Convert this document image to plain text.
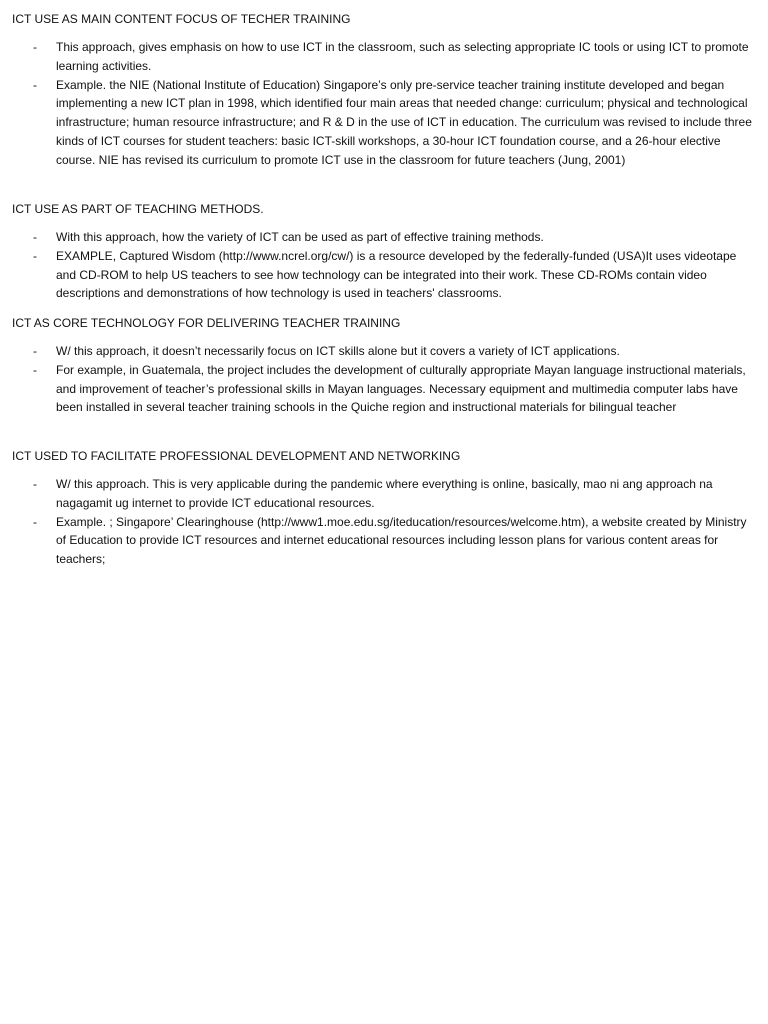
ICT USE AS MAIN CONTENT FOCUS OF TECHER TRAINING

- This approach, gives emphasis on how to use ICT in the classroom, such as selecting appropriate IC tools or using ICT to promote learning activities.
- Example. the NIE (National Institute of Education) Singapore’s only pre-service teacher training institute developed and began implementing a new ICT plan in 1998, which identified four main areas that needed change: curriculum; physical and technological infrastructure; human resource infrastructure; and R & D in the use of ICT in education. The curriculum was revised to include three kinds of ICT courses for student teachers: basic ICT-skill workshops, a 30-hour ICT foundation course, and a 26-hour elective course. NIE has revised its curriculum to promote ICT use in the classroom for future teachers (Jung, 2001)

ICT USE AS PART OF TEACHING METHODS.

- With this approach, how the variety of ICT can be used as part of effective training methods.
- EXAMPLE, Captured Wisdom (http://www.ncrel.org/cw/) is a resource developed by the federally-funded (USA)It uses videotape and CD-ROM to help US teachers to see how technology can be integrated into their work. These CD-ROMs contain video descriptions and demonstrations of how technology is used in teachers' classrooms.

ICT AS CORE TECHNOLOGY FOR DELIVERING TEACHER TRAINING

- W/ this approach, it doesn’t necessarily focus on ICT skills alone but it covers a variety of ICT applications.
- For example, in Guatemala, the project includes the development of culturally appropriate Mayan language instructional materials, and improvement of teacher’s professional skills in Mayan languages. Necessary equipment and multimedia computer labs have been installed in several teacher training schools in the Quiche region and instructional materials for bilingual teacher

ICT USED TO FACILITATE PROFESSIONAL DEVELOPMENT AND NETWORKING

- W/ this approach. This is very applicable during the pandemic where everything is online, basically, mao ni ang approach na nagagamit ug internet to provide ICT educational resources.
- Example. ; Singapore’ Clearinghouse (http://www1.moe.edu.sg/iteducation/resources/welcome.htm), a website created by Ministry of Education to provide ICT resources and internet educational resources including lesson plans for various content areas for teachers;
